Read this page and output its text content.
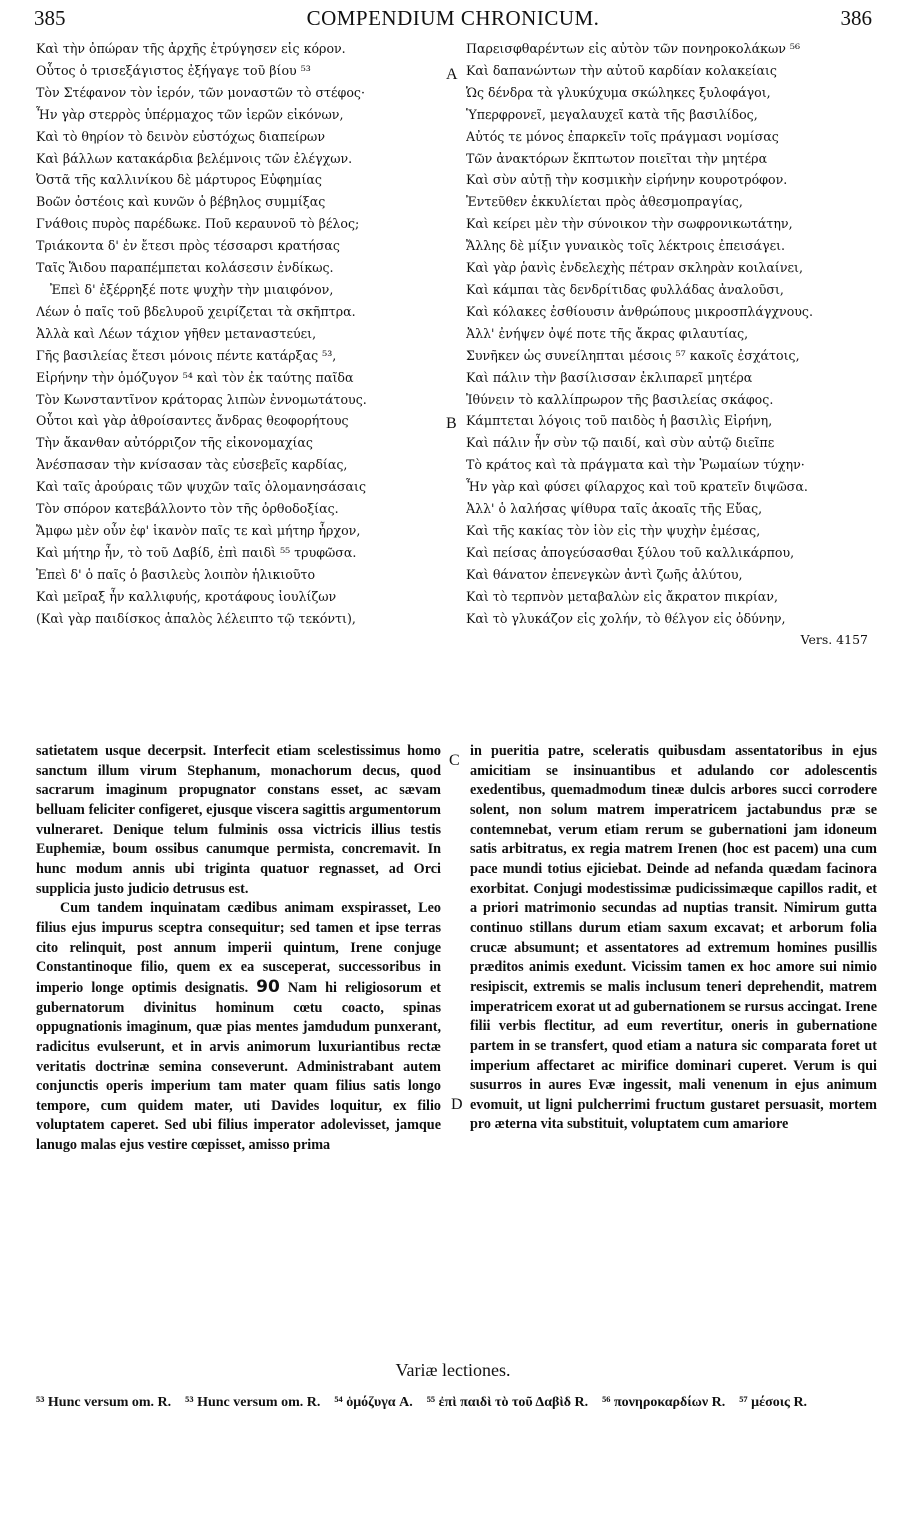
385	COMPENDIUM CHRONICUM.	386
A
B
C
D
Καὶ τὴν ὀπώραν τῆς ἀρχῆς ἐτρύγησεν εἰς κόρον.
Οὗτος ὁ τρισεξάγιστος ἐξήγαγε τοῦ βίου ⁵³
Τὸν Στέφανον τὸν ἱερόν, τῶν μοναστῶν τὸ στέφος·
Ἦν γὰρ στερρὸς ὑπέρμαχος τῶν ἱερῶν εἰκόνων,
Καὶ τὸ θηρίον τὸ δεινὸν εὐστόχως διαπείρων
Καὶ βάλλων κατακάρδια βελέμνοις τῶν ἐλέγχων.
Ὀστᾶ τῆς καλλινίκου δὲ μάρτυρος Εὐφημίας
Βοῶν ὀστέοις καὶ κυνῶν ὁ βέβηλος συμμίξας
Γνάθοις πυρὸς παρέδωκε. Ποῦ κεραυνοῦ τὸ βέλος;
Τριάκοντα δ' ἐν ἔτεσι πρὸς τέσσαρσι κρατήσας
Ταῖς Ἅιδου παραπέμπεται κολάσεσιν ἐνδίκως.
Ἐπεὶ δ' ἐξέρρηξέ ποτε ψυχὴν τὴν μιαιφόνον,
Λέων ὁ παῖς τοῦ βδελυροῦ χειρίζεται τὰ σκῆπτρα.
Ἀλλὰ καὶ Λέων τάχιον γῆθεν μεταναστεύει,
Γῆς βασιλείας ἔτεσι μόνοις πέντε κατάρξας ⁵³,
Εἰρήνην τὴν ὁμόζυγον ⁵⁴ καὶ τὸν ἐκ ταύτης παῖδα
Τὸν Κωνσταντῖνον κράτορας λιπὼν ἐννομωτάτους.
Οὗτοι καὶ γὰρ ἀθροίσαντες ἄνδρας θεοφορήτους
Τὴν ἄκανθαν αὐτόρριζον τῆς εἰκονομαχίας
Ἀνέσπασαν τὴν κνίσασαν τὰς εὐσεβεῖς καρδίας,
Καὶ ταῖς ἀρούραις τῶν ψυχῶν ταῖς ὁλομανησάσαις
Τὸν σπόρον κατεβάλλοντο τὸν τῆς ὀρθοδοξίας.
Ἄμφω μὲν οὖν ἐφ' ἱκανὸν παῖς τε καὶ μήτηρ ἦρχον,
Καὶ μήτηρ ἦν, τὸ τοῦ Δαβίδ, ἐπὶ παιδὶ ⁵⁵ τρυφῶσα.
Ἐπεὶ δ' ὁ παῖς ὁ βασιλεὺς λοιπὸν ἡλικιοῦτο
Καὶ μεῖραξ ἦν καλλιφυής, κροτάφους ἰουλίζων
(Καὶ γὰρ παιδίσκος ἁπαλὸς λέλειπτο τῷ τεκόντι),
Παρεισφθαρέντων εἰς αὐτὸν τῶν πονηροκολάκων ⁵⁶
Καὶ δαπανώντων τὴν αὐτοῦ καρδίαν κολακείαις
Ὡς δένδρα τὰ γλυκύχυμα σκώληκες ξυλοφάγοι,
Ὑπερφρονεῖ, μεγαλαυχεῖ κατὰ τῆς βασιλίδος,
Αὐτός τε μόνος ἐπαρκεῖν τοῖς πράγμασι νομίσας
Τῶν ἀνακτόρων ἔκπτωτον ποιεῖται τὴν μητέρα
Καὶ σὺν αὐτῇ τὴν κοσμικὴν εἰρήνην κουροτρόφον.
Ἐντεῦθεν ἐκκυλίεται πρὸς ἀθεσμοπραγίας,
Καὶ κείρει μὲν τὴν σύνοικον τὴν σωφρονικωτάτην,
Ἄλλης δὲ μίξιν γυναικὸς τοῖς λέκτροις ἐπεισάγει.
Καὶ γὰρ ῥανὶς ἐνδελεχὴς πέτραν σκληρὰν κοιλαίνει,
Καὶ κάμπαι τὰς δενδρίτιδας φυλλάδας ἀναλοῦσι,
Καὶ κόλακες ἐσθίουσιν ἀνθρώπους μικροσπλάγχνους.
Ἀλλ' ἐνήψεν ὀψέ ποτε τῆς ἄκρας φιλαυτίας,
Συνῆκεν ὡς συνείληπται μέσοις ⁵⁷ κακοῖς ἐσχάτοις,
Καὶ πάλιν τὴν βασίλισσαν ἐκλιπαρεῖ μητέρα
Ἰθύνειν τὸ καλλίπρωρον τῆς βασιλείας σκάφος.
Κάμπτεται λόγοις τοῦ παιδὸς ἡ βασιλὶς Εἰρήνη,
Καὶ πάλιν ἦν σὺν τῷ παιδί, καὶ σὺν αὐτῷ διεῖπε
Τὸ κράτος καὶ τὰ πράγματα καὶ τὴν Ῥωμαίων τύχην·
Ἦν γὰρ καὶ φύσει φίλαρχος καὶ τοῦ κρατεῖν διψῶσα.
Ἀλλ' ὁ λαλήσας ψίθυρα ταῖς ἀκοαῖς τῆς Εὔας,
Καὶ τῆς κακίας τὸν ἰὸν εἰς τὴν ψυχὴν ἐμέσας,
Καὶ πείσας ἀπογεύσασθαι ξύλου τοῦ καλλικάρπου,
Καὶ θάνατον ἐπενεγκὼν ἀντὶ ζωῆς ἀλύτου,
Καὶ τὸ τερπνὸν μεταβαλὼν εἰς ἄκρατον πικρίαν,
Καὶ τὸ γλυκάζον εἰς χολήν, τὸ θέλγον εἰς ὀδύνην,
Vers. 4157

satietatem usque decerpsit. Interfecit etiam scelestissimus homo sanctum illum virum Stephanum, monachorum decus, quod sacrarum imaginum propugnator constans esset, ac sævam belluam feliciter configeret, ejusque viscera sagittis argumentorum vulneraret. Denique telum fulminis ossa victricis illius testis Euphemiæ, boum ossibus canumque permista, concremavit. In hunc modum annis ubi triginta quatuor regnasset, ad Orci supplicia justo judicio detrusus est.

Cum tandem inquinatam cædibus animam exspirasset, Leo filius ejus impurus sceptra consequitur; sed tamen et ipse terras cito relinquit, post annum imperii quintum, Irene conjuge Constantinoque filio, quem ex ea susceperat, successoribus in imperio longe optimis designatis. 90 Nam hi religiosorum et gubernatorum divinitus hominum cœtu coacto, spinas oppugnationis imaginum, quæ pias mentes jamdudum punxerant, radicitus evulserunt, et in arvis animorum luxuriantibus rectæ veritatis doctrinæ semina conseverunt. Administrabant autem conjunctis operis imperium tam mater quam filius satis longo tempore, cum quidem mater, uti Davides loquitur, ex filio voluptatem caperet. Sed ubi filius imperator adolevisset, jamque lanugo malas ejus vestire cœpisset, amisso prima

in pueritia patre, sceleratis quibusdam assentatoribus in ejus amicitiam se insinuantibus et adulando cor adolescentis exedentibus, quemadmodum tineæ dulcis arbores succi corrodere solent, non solum matrem imperatricem jactabundus præ se contemnebat, verum etiam rerum se gubernationi jam idoneum satis arbitratus, ex regia matrem Irenen (hoc est pacem) una cum pace mundi totius ejiciebat. Deinde ad nefanda quædam facinora exorbitat. Conjugi modestissimæ pudicissimæque capillos radit, et a priori matrimonio secundas ad nuptias transit. Nimirum gutta continuo stillans durum etiam saxum excavat; et arborum folia crucæ absumunt; et assentatores ad extremum homines pusillis præditos animis exedunt. Vicissim tamen ex hoc amore sui nimio resipiscit, extremis se malis inclusum teneri deprehendit, matrem imperatricem exorat ut ad gubernationem se rursus accingat. Irene filii verbis flectitur, ad eum revertitur, oneris in gubernatione partem in se transfert, quod etiam a natura sic comparata foret ut imperium affectaret ac mirifice dominari cuperet. Verum is qui susurros in aures Evæ ingessit, mali venenum in ejus animum evomuit, ut ligni pulcherrimi fructum gustaret persuasit, mortem pro æterna vita substituit, voluptatem cum amariore

Variæ lectiones.
⁵³ Hunc versum om. R. ⁵³ Hunc versum om. R. ⁵⁴ ὁμόζυγα A. ⁵⁵ ἐπὶ παιδὶ τὸ τοῦ Δαβὶδ R. ⁵⁶ πονηροκαρδίων R. ⁵⁷ μέσοις R.
